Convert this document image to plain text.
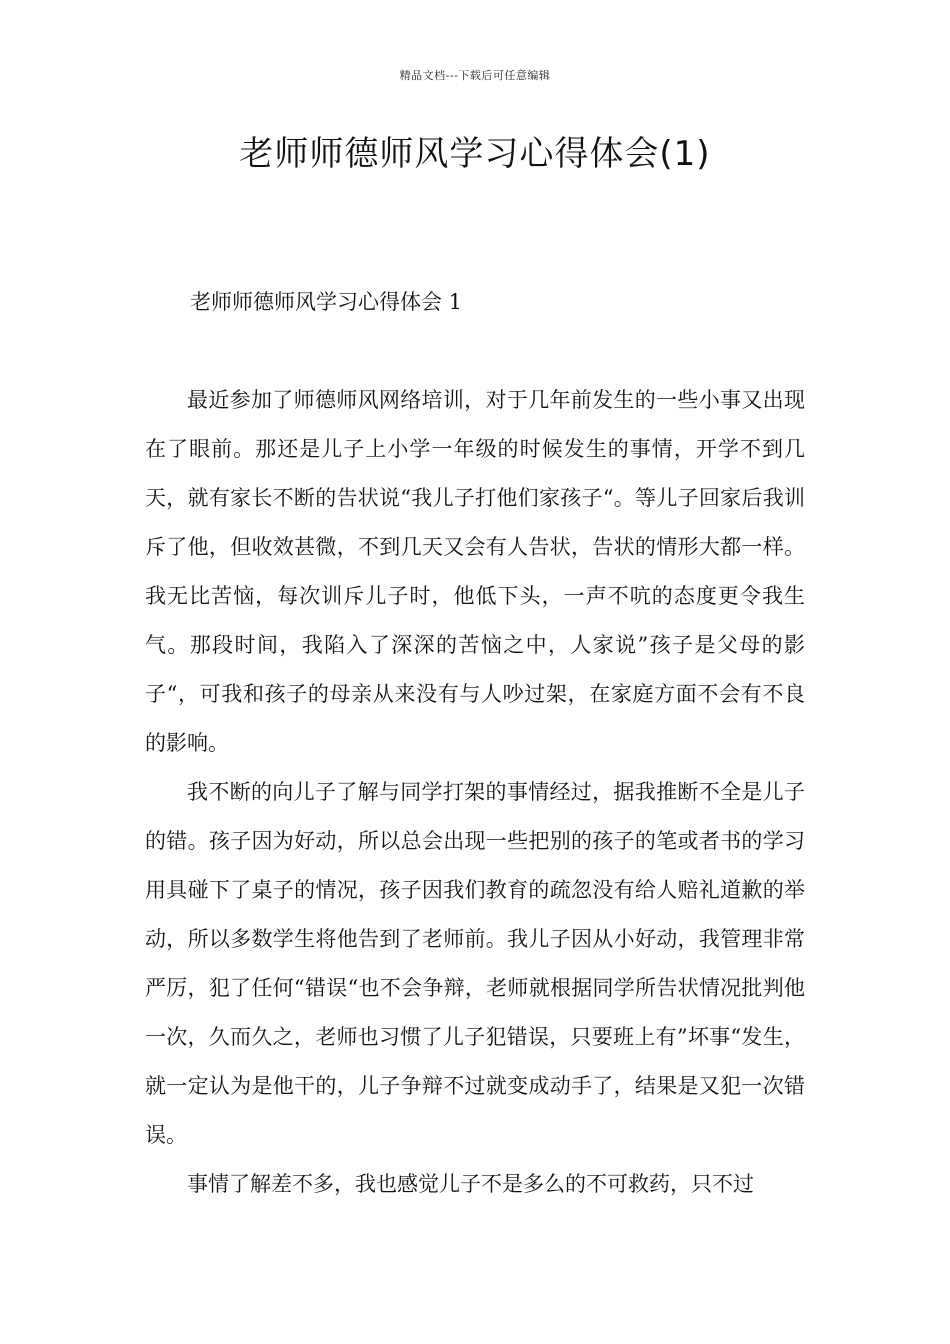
精品文档---下载后可任意编辑
老师师德师风学习心得体会(1)
老师师德师风学习心得体会 1

最近参加了师德师风网络培训，对于几年前发生的一些小事又出现在了眼前。那还是儿子上小学一年级的时候发生的事情，开学不到几天，就有家长不断的告状说“我儿子打他们家孩子“。等儿子回家后我训斥了他，但收效甚微，不到几天又会有人告状，告状的情形大都一样。我无比苦恼，每次训斥儿子时，他低下头，一声不吭的态度更令我生气。那段时间，我陷入了深深的苦恼之中，人家说”孩子是父母的影子“，可我和孩子的母亲从来没有与人吵过架，在家庭方面不会有不良的影响。

我不断的向儿子了解与同学打架的事情经过，据我推断不全是儿子的错。孩子因为好动，所以总会出现一些把别的孩子的笔或者书的学习用具碰下了桌子的情况，孩子因我们教育的疏忽没有给人赔礼道歉的举动，所以多数学生将他告到了老师前。我儿子因从小好动，我管理非常严厉，犯了任何“错误“也不会争辩，老师就根据同学所告状情况批判他一次，久而久之，老师也习惯了儿子犯错误，只要班上有”坏事“发生，就一定认为是他干的，儿子争辩不过就变成动手了，结果是又犯一次错误。

事情了解差不多，我也感觉儿子不是多么的不可救药，只不过
